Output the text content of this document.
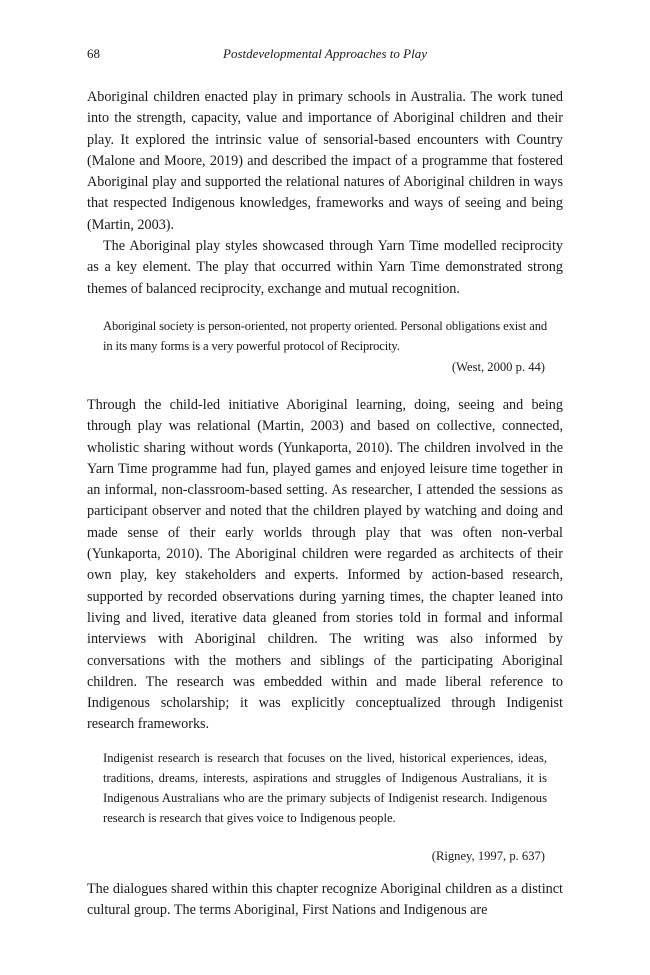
68	Postdevelopmental Approaches to Play

Aboriginal children enacted play in primary schools in Australia. The work tuned into the strength, capacity, value and importance of Aboriginal children and their play. It explored the intrinsic value of sensorial-based encounters with Country (Malone and Moore, 2019) and described the impact of a programme that fostered Aboriginal play and supported the relational natures of Aboriginal children in ways that respected Indigenous knowledges, frameworks and ways of seeing and being (Martin, 2003).

The Aboriginal play styles showcased through Yarn Time modelled reciprocity as a key element. The play that occurred within Yarn Time demonstrated strong themes of balanced reciprocity, exchange and mutual recognition.

Aboriginal society is person-oriented, not property oriented. Personal obligations exist and in its many forms is a very powerful protocol of Reciprocity.

(West, 2000 p. 44)

Through the child-led initiative Aboriginal learning, doing, seeing and being through play was relational (Martin, 2003) and based on collective, connected, wholistic sharing without words (Yunkaporta, 2010). The children involved in the Yarn Time programme had fun, played games and enjoyed leisure time together in an informal, non-classroom-based setting. As researcher, I attended the sessions as participant observer and noted that the children played by watching and doing and made sense of their early worlds through play that was often non-verbal (Yunkaporta, 2010). The Aboriginal children were regarded as architects of their own play, key stakeholders and experts. Informed by action-based research, supported by recorded observations during yarning times, the chapter leaned into living and lived, iterative data gleaned from stories told in formal and informal interviews with Aboriginal children. The writing was also informed by conversations with the mothers and siblings of the participating Aboriginal children. The research was embedded within and made liberal reference to Indigenous scholarship; it was explicitly conceptualized through Indigenist research frameworks.

Indigenist research is research that focuses on the lived, historical experiences, ideas, traditions, dreams, interests, aspirations and struggles of Indigenous Australians, it is Indigenous Australians who are the primary subjects of Indigenist research. Indigenous research is research that gives voice to Indigenous people.

(Rigney, 1997, p. 637)

The dialogues shared within this chapter recognize Aboriginal children as a distinct cultural group. The terms Aboriginal, First Nations and Indigenous are
